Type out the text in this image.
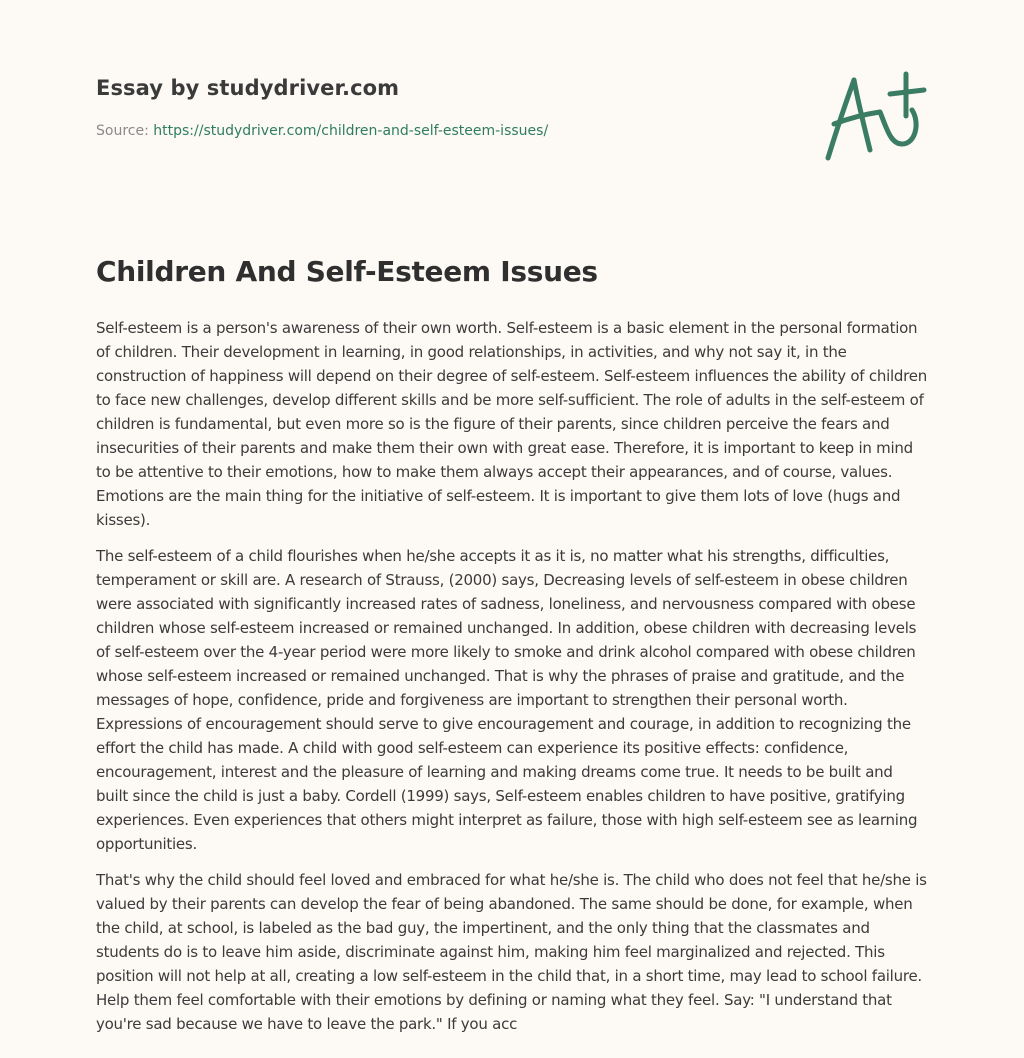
Essay by studydriver.com
Source: https://studydriver.com/children-and-self-esteem-issues/
Children And Self-Esteem Issues

Self-esteem is a person's awareness of their own worth. Self-esteem is a basic element in the personal formation of children. Their development in learning, in good relationships, in activities, and why not say it, in the construction of happiness will depend on their degree of self-esteem. Self-esteem influences the ability of children to face new challenges, develop different skills and be more self-sufficient. The role of adults in the self-esteem of children is fundamental, but even more so is the figure of their parents, since children perceive the fears and insecurities of their parents and make them their own with great ease. Therefore, it is important to keep in mind to be attentive to their emotions, how to make them always accept their appearances, and of course, values. Emotions are the main thing for the initiative of self-esteem. It is important to give them lots of love (hugs and kisses).

The self-esteem of a child flourishes when he/she accepts it as it is, no matter what his strengths, difficulties, temperament or skill are. A research of Strauss, (2000) says, Decreasing levels of self-esteem in obese children were associated with significantly increased rates of sadness, loneliness, and nervousness compared with obese children whose self-esteem increased or remained unchanged. In addition, obese children with decreasing levels of self-esteem over the 4-year period were more likely to smoke and drink alcohol compared with obese children whose self-esteem increased or remained unchanged. That is why the phrases of praise and gratitude, and the messages of hope, confidence, pride and forgiveness are important to strengthen their personal worth. Expressions of encouragement should serve to give encouragement and courage, in addition to recognizing the effort the child has made. A child with good self-esteem can experience its positive effects: confidence, encouragement, interest and the pleasure of learning and making dreams come true. It needs to be built and built since the child is just a baby. Cordell (1999) says, Self-esteem enables children to have positive, gratifying experiences. Even experiences that others might interpret as failure, those with high self-esteem see as learning opportunities.

That's why the child should feel loved and embraced for what he/she is. The child who does not feel that he/she is valued by their parents can develop the fear of being abandoned. The same should be done, for example, when the child, at school, is labeled as the bad guy, the impertinent, and the only thing that the classmates and students do is to leave him aside, discriminate against him, making him feel marginalized and rejected. This position will not help at all, creating a low self-esteem in the child that, in a short time, may lead to school failure. Help them feel comfortable with their emotions by defining or naming what they feel. Say: "I understand that you're sad because we have to leave the park." If you acc
